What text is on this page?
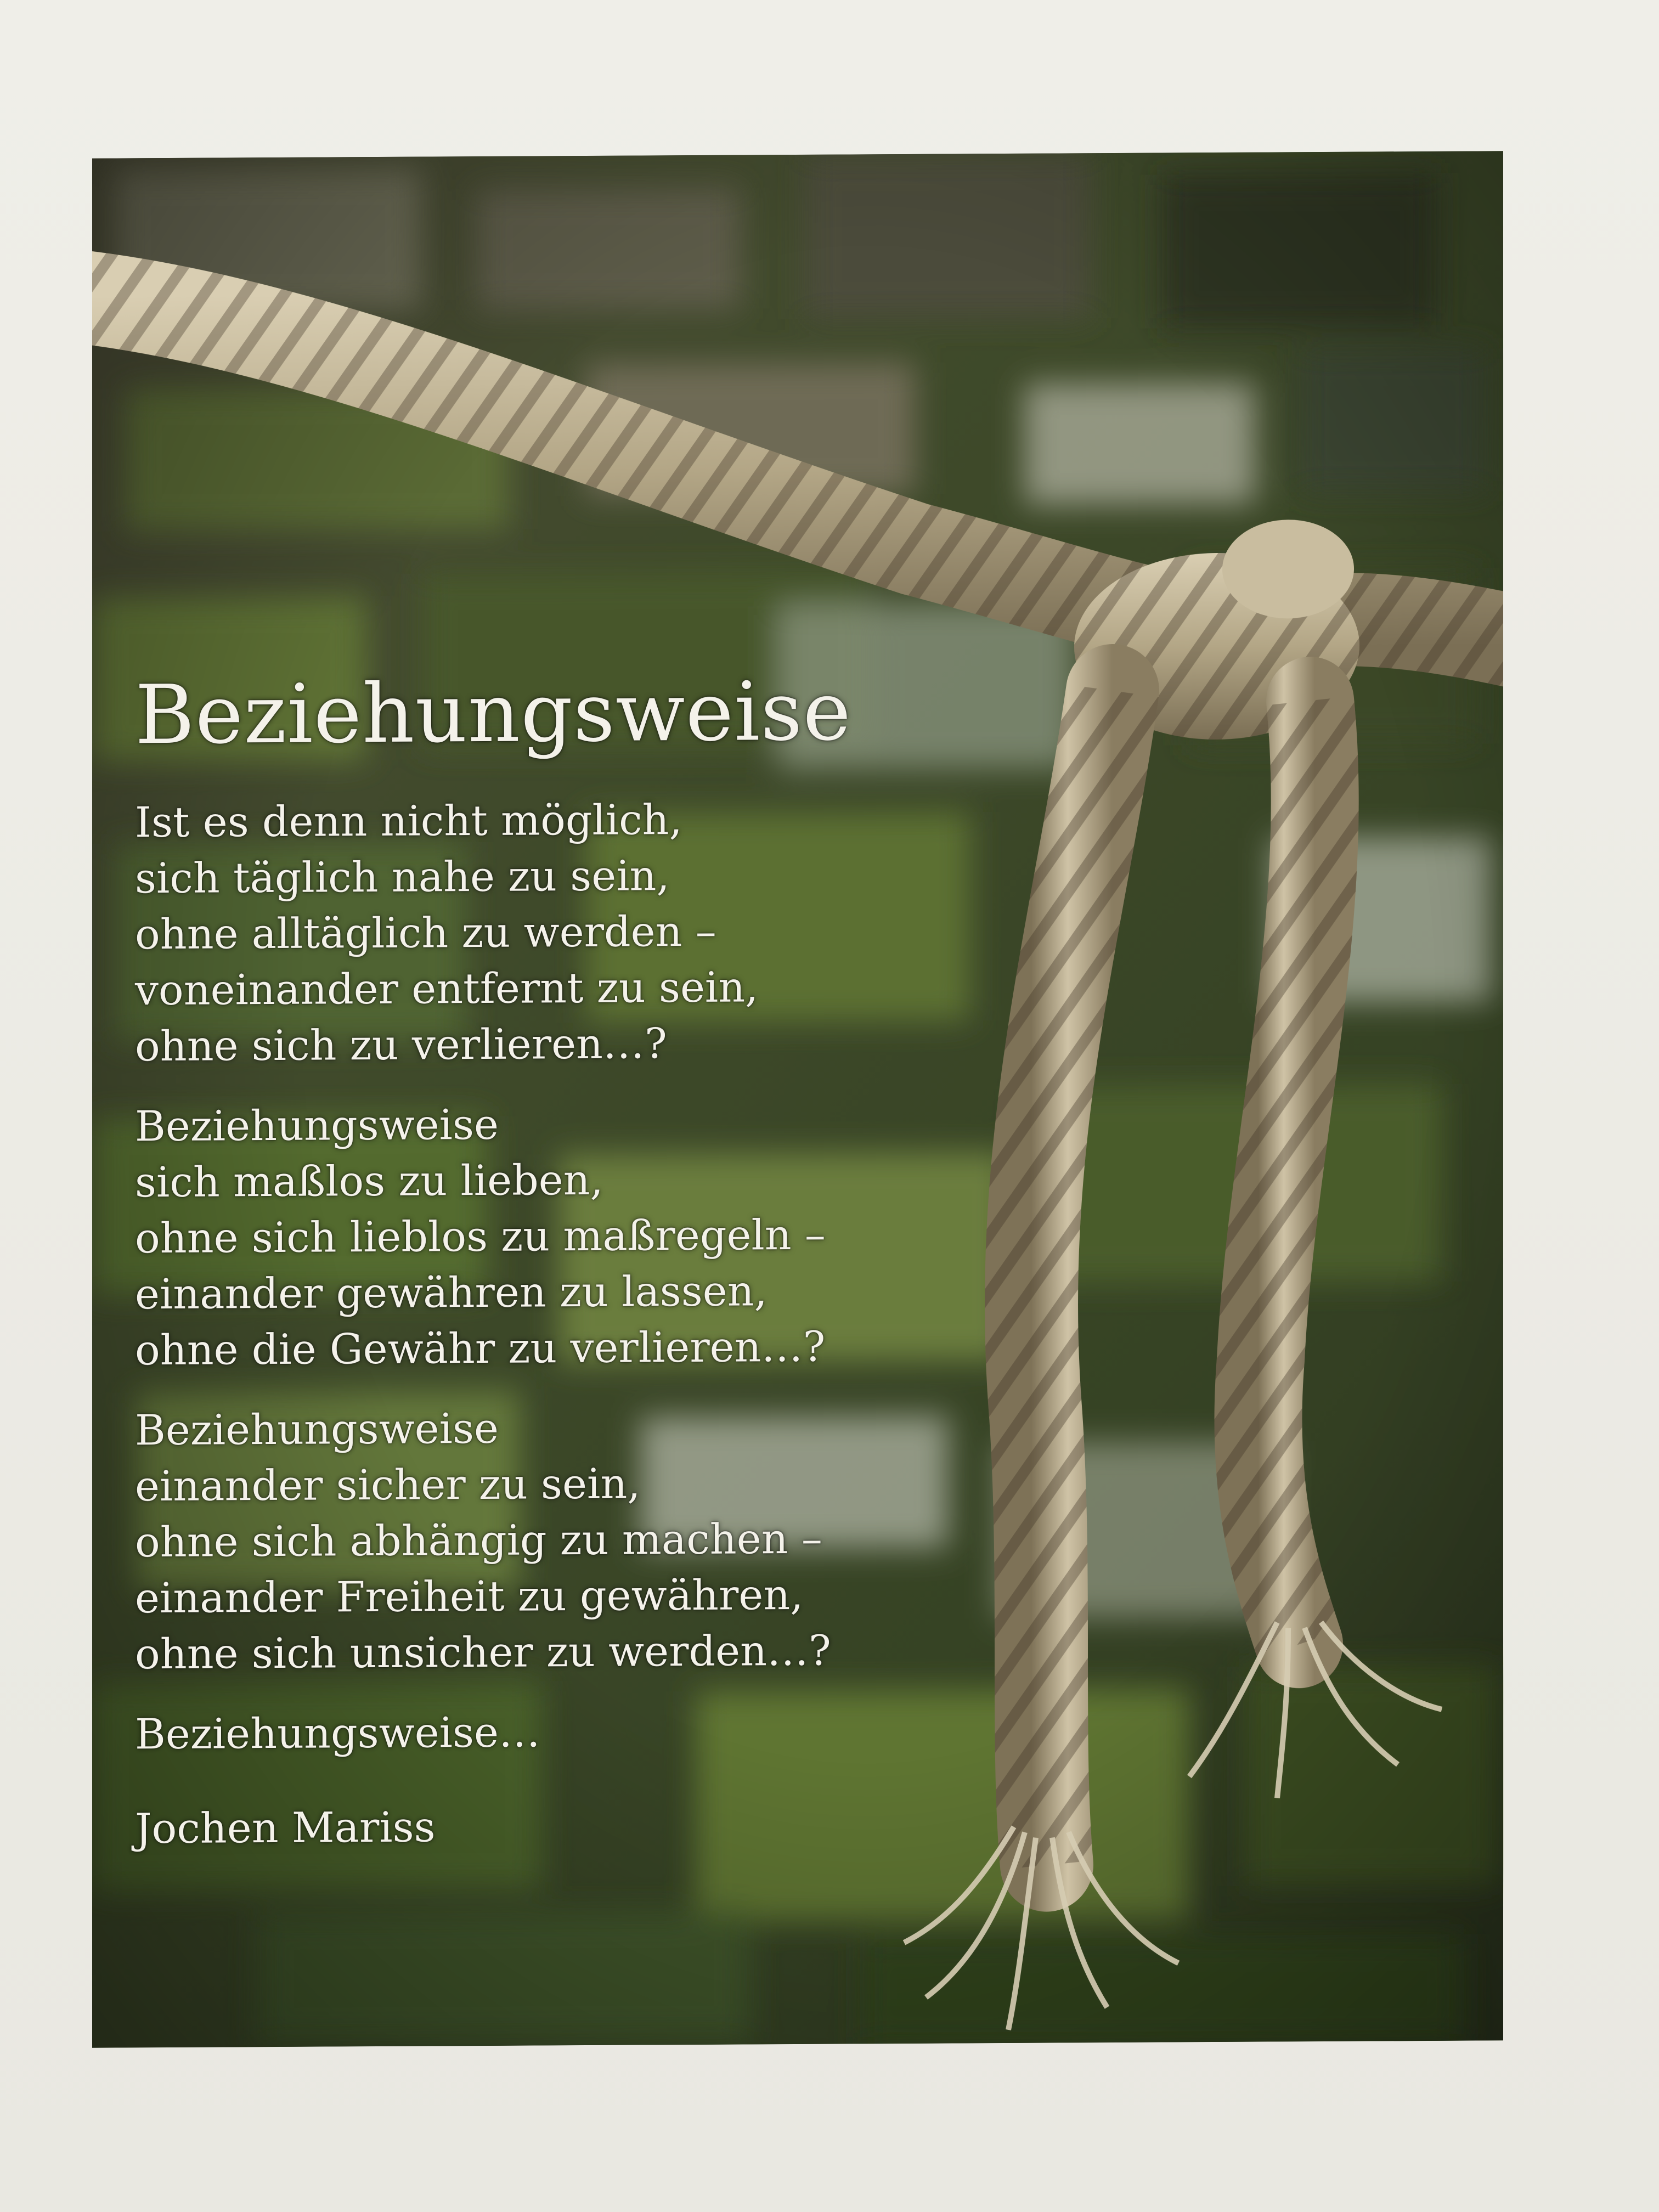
Beziehungsweise
Ist es denn nicht möglich,
sich täglich nahe zu sein,
ohne alltäglich zu werden –
voneinander entfernt zu sein,
ohne sich zu verlieren…?
Beziehungsweise
sich maßlos zu lieben,
ohne sich lieblos zu maßregeln –
einander gewähren zu lassen,
ohne die Gewähr zu verlieren…?
Beziehungsweise
einander sicher zu sein,
ohne sich abhängig zu machen –
einander Freiheit zu gewähren,
ohne sich unsicher zu werden…?
Beziehungsweise…
Jochen Mariss
